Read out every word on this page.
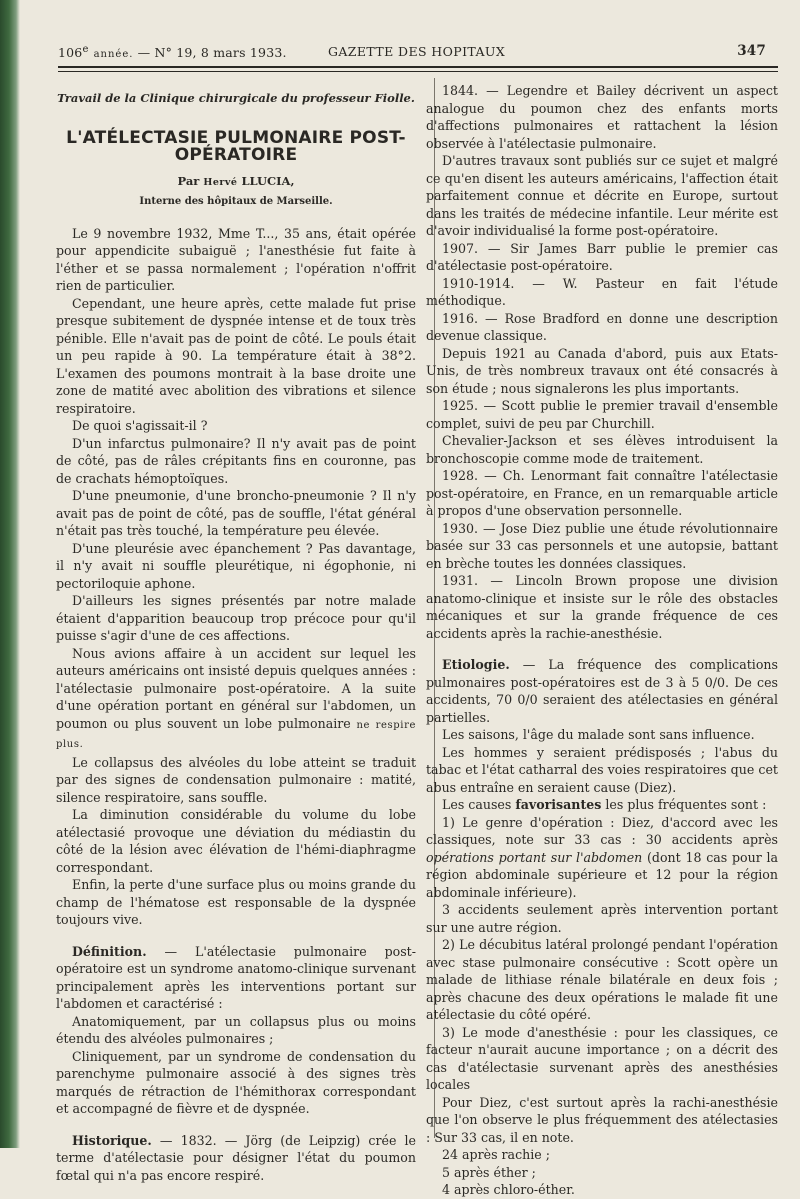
106e année. — N° 19, 8 mars 1933.	GAZETTE DES HOPITAUX	347
Travail de la Clinique chirurgicale du professeur Fiolle.
L'ATÉLECTASIE PULMONAIRE POST-OPÉRATOIRE
Par Hervé LLUCIA,
Interne des hôpitaux de Marseille.

Le 9 novembre 1932, Mme T..., 35 ans, était opérée pour appendicite subaiguë ; l'anesthésie fut faite à l'éther et se passa normalement ; l'opération n'offrit rien de particulier.

Cependant, une heure après, cette malade fut prise presque subitement de dyspnée intense et de toux très pénible. Elle n'avait pas de point de côté. Le pouls était un peu rapide à 90. La température était à 38°2. L'examen des poumons montrait à la base droite une zone de matité avec abolition des vibrations et silence respiratoire.

De quoi s'agissait-il ?

D'un infarctus pulmonaire? Il n'y avait pas de point de côté, pas de râles crépitants fins en couronne, pas de crachats hémoptoïques.

D'une pneumonie, d'une broncho-pneumonie ? Il n'y avait pas de point de côté, pas de souffle, l'état général n'était pas très touché, la température peu élevée.

D'une pleurésie avec épanchement ? Pas davantage, il n'y avait ni souffle pleurétique, ni égophonie, ni pectoriloquie aphone.

D'ailleurs les signes présentés par notre malade étaient d'apparition beaucoup trop précoce pour qu'il puisse s'agir d'une de ces affections.

Nous avions affaire à un accident sur lequel les auteurs américains ont insisté depuis quelques années : l'atélectasie pulmonaire post-opératoire. A la suite d'une opération portant en général sur l'abdomen, un poumon ou plus souvent un lobe pulmonaire ne respire plus.

Le collapsus des alvéoles du lobe atteint se traduit par des signes de condensation pulmonaire : matité, silence respiratoire, sans souffle.

La diminution considérable du volume du lobe atélectasié provoque une déviation du médiastin du côté de la lésion avec élévation de l'hémi-diaphragme correspondant.

Enfin, la perte d'une surface plus ou moins grande du champ de l'hématose est responsable de la dyspnée toujours vive.

Définition. — L'atélectasie pulmonaire post-opératoire est un syndrome anatomo-clinique survenant principalement après les interventions portant sur l'abdomen et caractérisé :

Anatomiquement, par un collapsus plus ou moins étendu des alvéoles pulmonaires ;

Cliniquement, par un syndrome de condensation du parenchyme pulmonaire associé à des signes très marqués de rétraction de l'hémithorax correspondant et accompagné de fièvre et de dyspnée.

Historique. — 1832. — Jörg (de Leipzig) crée le terme d'atélectasie pour désigner l'état du poumon fœtal qui n'a pas encore respiré.

1844. — Legendre et Bailey décrivent un aspect analogue du poumon chez des enfants morts d'affections pulmonaires et rattachent la lésion observée à l'atélectasie pulmonaire.

D'autres travaux sont publiés sur ce sujet et malgré ce qu'en disent les auteurs américains, l'affection était parfaitement connue et décrite en Europe, surtout dans les traités de médecine infantile. Leur mérite est d'avoir individualisé la forme post-opératoire.

1907. — Sir James Barr publie le premier cas d'atélectasie post-opératoire.

1910-1914. — W. Pasteur en fait l'étude méthodique.

1916. — Rose Bradford en donne une description devenue classique.

Depuis 1921 au Canada d'abord, puis aux Etats-Unis, de très nombreux travaux ont été consacrés à son étude ; nous signalerons les plus importants.

1925. — Scott publie le premier travail d'ensemble complet, suivi de peu par Churchill.

Chevalier-Jackson et ses élèves introduisent la bronchoscopie comme mode de traitement.

1928. — Ch. Lenormant fait connaître l'atélectasie post-opératoire, en France, en un remarquable article à propos d'une observation personnelle.

1930. — Jose Diez publie une étude révolutionnaire basée sur 33 cas personnels et une autopsie, battant en brèche toutes les données classiques.

1931. — Lincoln Brown propose une division anatomo-clinique et insiste sur le rôle des obstacles mécaniques et sur la grande fréquence de ces accidents après la rachie-anesthésie.

Etiologie. — La fréquence des complications pulmonaires post-opératoires est de 3 à 5 0/0. De ces accidents, 70 0/0 seraient des atélectasies en général partielles.

Les saisons, l'âge du malade sont sans influence.

Les hommes y seraient prédisposés ; l'abus du tabac et l'état catharral des voies respiratoires que cet abus entraîne en seraient cause (Diez).

Les causes favorisantes les plus fréquentes sont :

1) Le genre d'opération : Diez, d'accord avec les classiques, note sur 33 cas : 30 accidents après opérations portant sur l'abdomen (dont 18 cas pour la région abdominale supérieure et 12 pour la région abdominale inférieure).

3 accidents seulement après intervention portant sur une autre région.

2) Le décubitus latéral prolongé pendant l'opération avec stase pulmonaire consécutive : Scott opère un malade de lithiase rénale bilatérale en deux fois ; après chacune des deux opérations le malade fit une atélectasie du côté opéré.

3) Le mode d'anesthésie : pour les classiques, ce facteur n'aurait aucune importance ; on a décrit des cas d'atélectasie survenant après des anesthésies locales

Pour Diez, c'est surtout après la rachi-anesthésie que l'on observe le plus fréquemment des atélectasies : Sur 33 cas, il en note.

24 après rachie ;

5 après éther ;

4 après chloro-éther.
